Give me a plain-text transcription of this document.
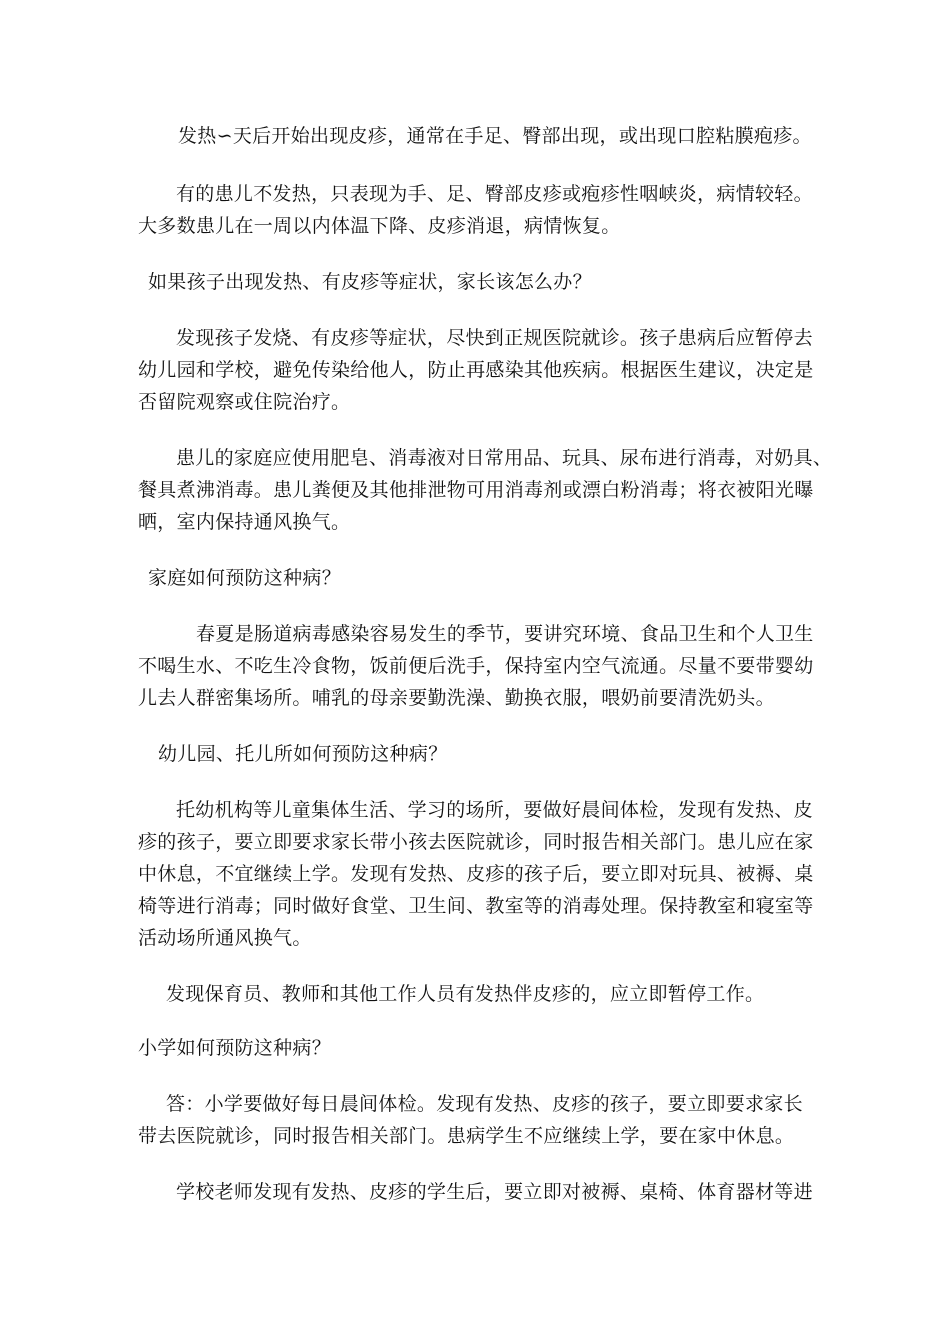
发热∽天后开始出现皮疹，通常在手足、臀部出现，或出现口腔粘膜疱疹。
有的患儿不发热，只表现为手、足、臀部皮疹或疱疹性咽峡炎，病情较轻。
大多数患儿在一周以内体温下降、皮疹消退，病情恢复。
如果孩子出现发热、有皮疹等症状，家长该怎么办？
发现孩子发烧、有皮疹等症状，尽快到正规医院就诊。孩子患病后应暂停去
幼儿园和学校，避免传染给他人，防止再感染其他疾病。根据医生建议，决定是
否留院观察或住院治疗。
患儿的家庭应使用肥皂、消毒液对日常用品、玩具、尿布进行消毒，对奶具、
餐具煮沸消毒。患儿粪便及其他排泄物可用消毒剂或漂白粉消毒；将衣被阳光曝
晒，室内保持通风换气。
家庭如何预防这种病？
春夏是肠道病毒感染容易发生的季节，要讲究环境、食品卫生和个人卫生
不喝生水、不吃生冷食物，饭前便后洗手，保持室内空气流通。尽量不要带婴幼
儿去人群密集场所。哺乳的母亲要勤洗澡、勤换衣服，喂奶前要清洗奶头。
幼儿园、托儿所如何预防这种病？
托幼机构等儿童集体生活、学习的场所，要做好晨间体检，发现有发热、皮
疹的孩子，要立即要求家长带小孩去医院就诊，同时报告相关部门。患儿应在家
中休息，不宜继续上学。发现有发热、皮疹的孩子后，要立即对玩具、被褥、桌
椅等进行消毒；同时做好食堂、卫生间、教室等的消毒处理。保持教室和寝室等
活动场所通风换气。
发现保育员、教师和其他工作人员有发热伴皮疹的，应立即暂停工作。
小学如何预防这种病？
答：小学要做好每日晨间体检。发现有发热、皮疹的孩子，要立即要求家长
带去医院就诊，同时报告相关部门。患病学生不应继续上学，要在家中休息。
学校老师发现有发热、皮疹的学生后，要立即对被褥、桌椅、体育器材等进
